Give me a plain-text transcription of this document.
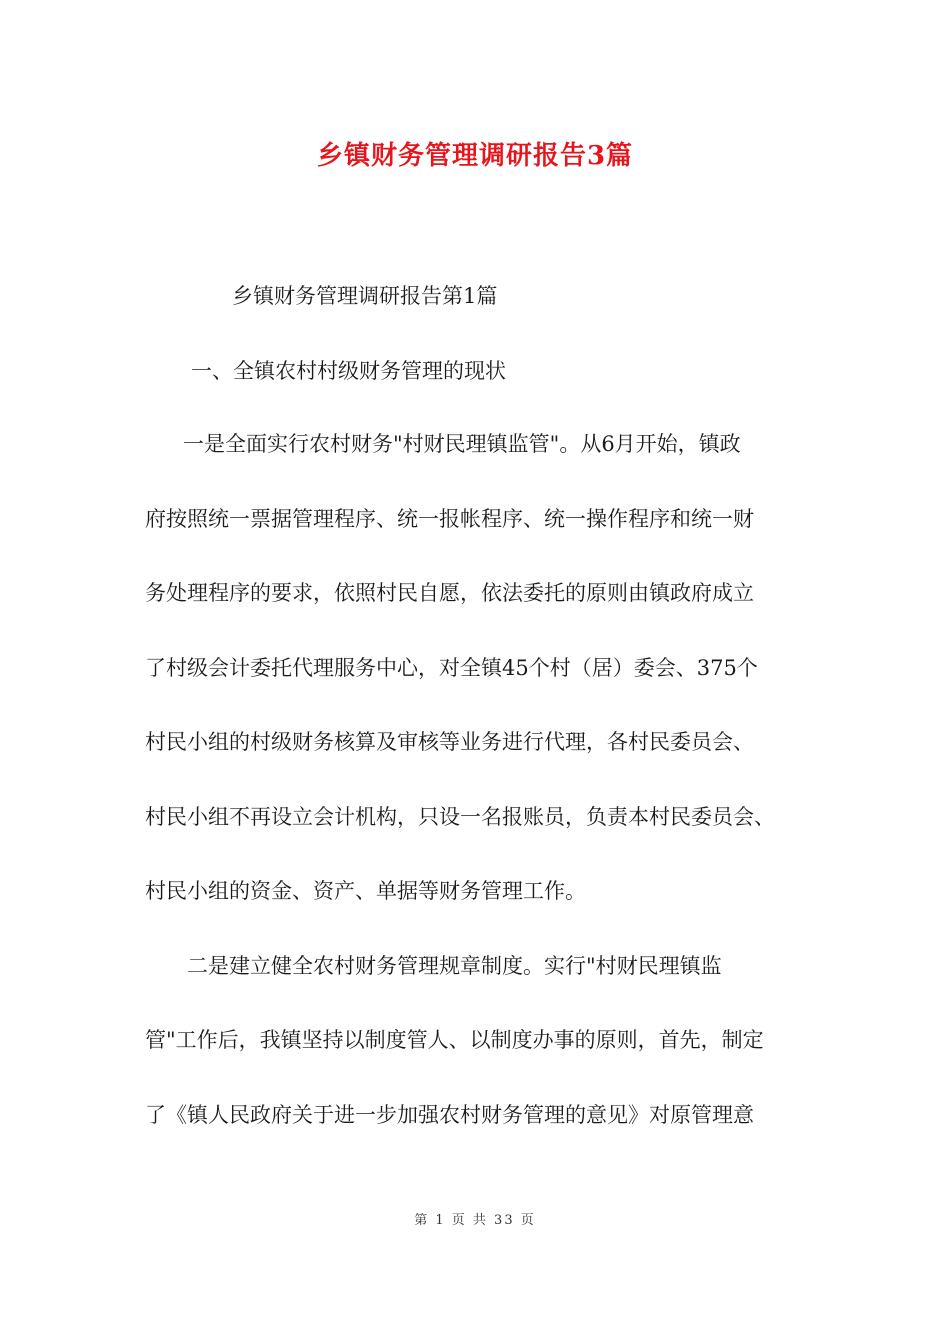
乡镇财务管理调研报告3篇

乡镇财务管理调研报告第1篇

一、全镇农村村级财务管理的现状

一是全面实行农村财务"村财民理镇监管"。从6月开始，镇政

府按照统一票据管理程序、统一报帐程序、统一操作程序和统一财

务处理程序的要求，依照村民自愿，依法委托的原则由镇政府成立

了村级会计委托代理服务中心，对全镇45个村（居）委会、375个

村民小组的村级财务核算及审核等业务进行代理，各村民委员会、

村民小组不再设立会计机构，只设一名报账员，负责本村民委员会、

村民小组的资金、资产、单据等财务管理工作。

二是建立健全农村财务管理规章制度。实行"村财民理镇监

管"工作后，我镇坚持以制度管人、以制度办事的原则，首先，制定

了《镇人民政府关于进一步加强农村财务管理的意见》对原管理意

第 1 页 共 33 页
